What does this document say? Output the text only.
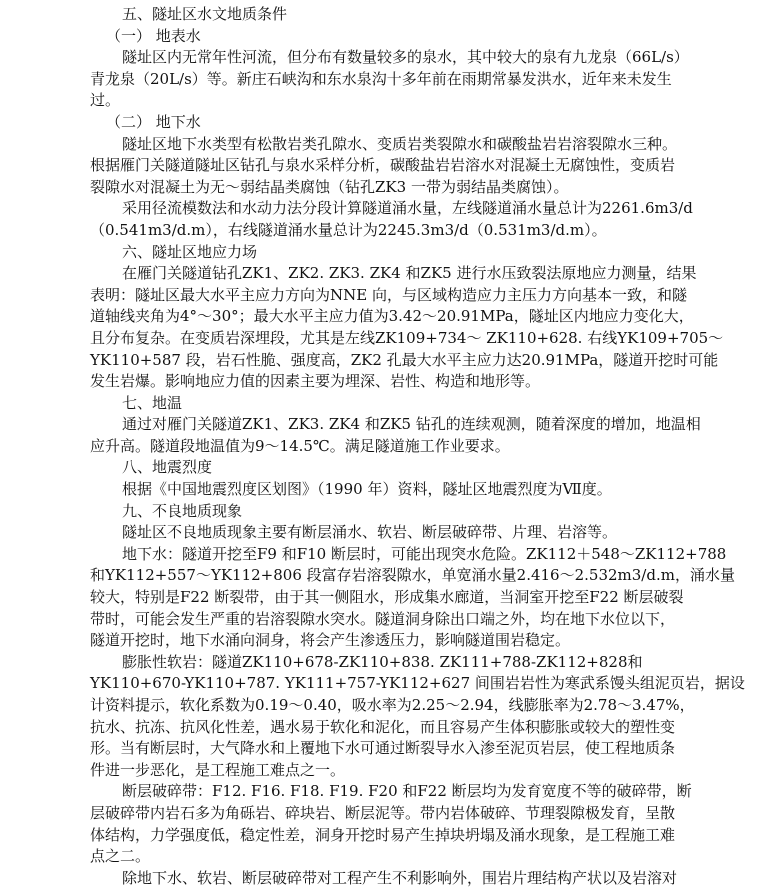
五、隧址区水文地质条件
（一） 地表水
隧址区内无常年性河流，但分布有数量较多的泉水，其中较大的泉有九龙泉（66L/s）
青龙泉（20L/s）等。新庄石峡沟和东水泉沟十多年前在雨期常暴发洪水，近年来未发生
过。
（二） 地下水
隧址区地下水类型有松散岩类孔隙水、变质岩类裂隙水和碳酸盐岩岩溶裂隙水三种。
根据雁门关隧道隧址区钻孔与泉水采样分析，碳酸盐岩岩溶水对混凝土无腐蚀性，变质岩
裂隙水对混凝土为无～弱结晶类腐蚀（钻孔ZK3 一带为弱结晶类腐蚀）。
采用径流模数法和水动力法分段计算隧道涌水量，左线隧道涌水量总计为2261.6m3/d
（0.541m3/d.m），右线隧道涌水量总计为2245.3m3/d（0.531m3/d.m）。
六、隧址区地应力场
在雁门关隧道钻孔ZK1、ZK2. ZK3. ZK4 和ZK5 进行水压致裂法原地应力测量，结果
表明：隧址区最大水平主应力方向为NNE 向，与区域构造应力主压力方向基本一致，和隧
道轴线夹角为4°～30°；最大水平主应力值为3.42～20.91MPa，隧址区内地应力变化大，
且分布复杂。在变质岩深埋段，尤其是左线ZK109+734～ ZK110+628. 右线YK109+705～
YK110+587 段，岩石性脆、强度高，ZK2 孔最大水平主应力达20.91MPa，隧道开挖时可能
发生岩爆。影响地应力值的因素主要为埋深、岩性、构造和地形等。
七、地温
通过对雁门关隧道ZK1、ZK3. ZK4 和ZK5 钻孔的连续观测，随着深度的增加，地温相
应升高。隧道段地温值为9～14.5℃。满足隧道施工作业要求。
八、地震烈度
根据《中国地震烈度区划图》（1990 年）资料，隧址区地震烈度为Ⅶ度。
九、不良地质现象
隧址区不良地质现象主要有断层涌水、软岩、断层破碎带、片理、岩溶等。
地下水：隧道开挖至F9 和F10 断层时，可能出现突水危险。ZK112＋548～ZK112+788
和YK112+557～YK112+806 段富存岩溶裂隙水，单宽涌水量2.416～2.532m3/d.m，涌水量
较大，特别是F22 断裂带，由于其一侧阻水，形成集水廊道，当洞室开挖至F22 断层破裂
带时，可能会发生严重的岩溶裂隙水突水。隧道洞身除出口端之外，均在地下水位以下，
隧道开挖时，地下水涌向洞身，将会产生渗透压力，影响隧道围岩稳定。
膨胀性软岩：隧道ZK110+678-ZK110+838. ZK111+788-ZK112+828和
YK110+670-YK110+787. YK111+757-YK112+627 间围岩岩性为寒武系馒头组泥页岩，据设
计资料提示，软化系数为0.19～0.40，吸水率为2.25～2.94，线膨胀率为2.78～3.47%，
抗水、抗冻、抗风化性差，遇水易于软化和泥化，而且容易产生体积膨胀或较大的塑性变
形。当有断层时，大气降水和上覆地下水可通过断裂导水入渗至泥页岩层，使工程地质条
件进一步恶化，是工程施工难点之一。
断层破碎带：F12. F16. F18. F19. F20 和F22 断层均为发育宽度不等的破碎带，断
层破碎带内岩石多为角砾岩、碎块岩、断层泥等。带内岩体破碎、节理裂隙极发育，呈散
体结构，力学强度低，稳定性差，洞身开挖时易产生掉块坍塌及涌水现象，是工程施工难
点之二。
除地下水、软岩、断层破碎带对工程产生不利影响外，围岩片理结构产状以及岩溶对
